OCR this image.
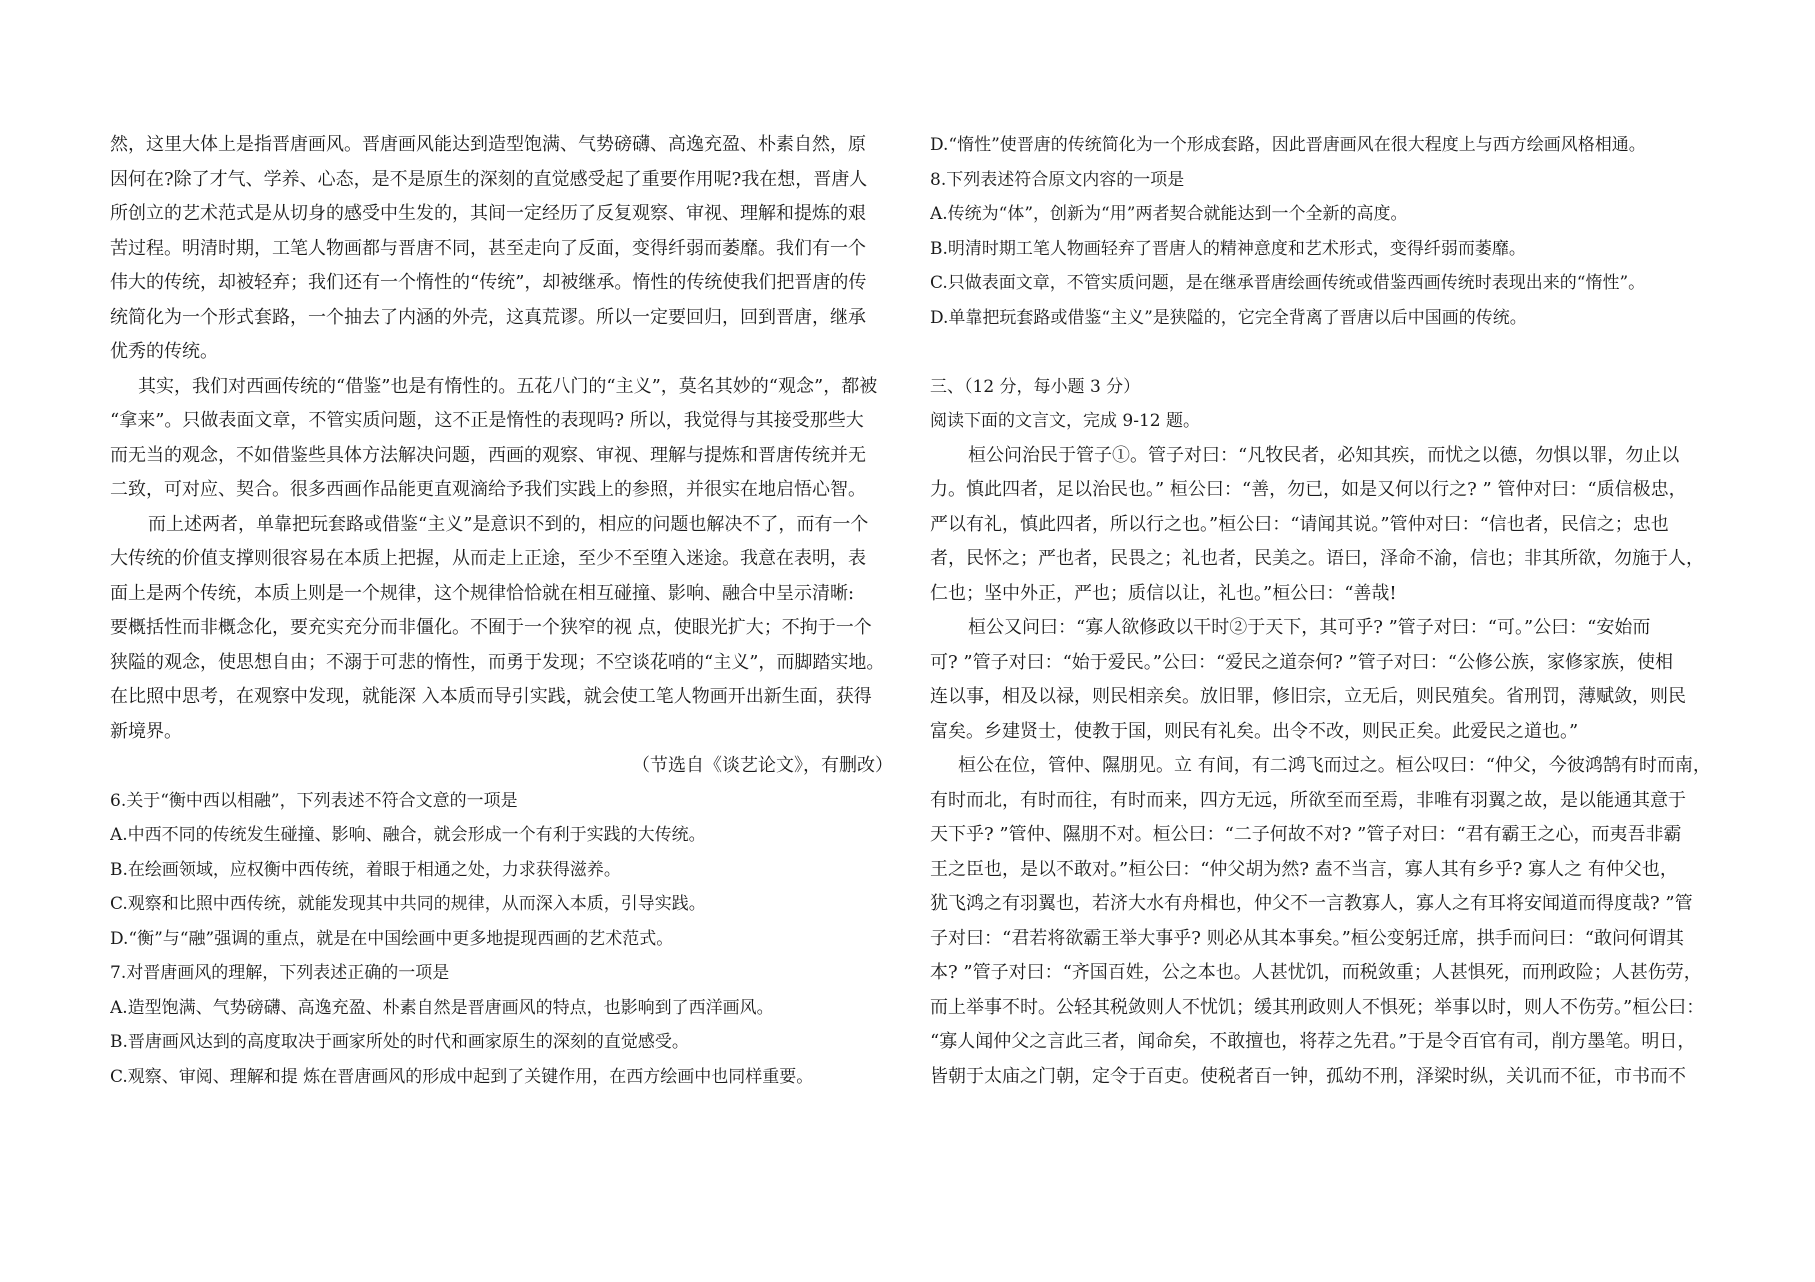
然，这里大体上是指晋唐画风。晋唐画风能达到造型饱满、气势磅礴、高逸充盈、朴素自然，原
因何在?除了才气、学养、心态，是不是原生的深刻的直觉感受起了重要作用呢?我在想，晋唐人
所创立的艺术范式是从切身的感受中生发的，其间一定经历了反复观察、审视、理解和提炼的艰
苦过程。明清时期，工笔人物画都与晋唐不同，甚至走向了反面，变得纤弱而萎靡。我们有一个
伟大的传统，却被轻弃；我们还有一个惰性的“传统”，却被继承。惰性的传统使我们把晋唐的传
统简化为一个形式套路，一个抽去了内涵的外壳，这真荒谬。所以一定要回归，回到晋唐，继承
优秀的传统。
其实，我们对西画传统的“借鉴”也是有惰性的。五花八门的“主义”，莫名其妙的“观念”，都被
“拿来”。只做表面文章，不管实质问题，这不正是惰性的表现吗? 所以，我觉得与其接受那些大
而无当的观念，不如借鉴些具体方法解决问题，西画的观察、审视、理解与提炼和晋唐传统并无
二致，可对应、契合。很多西画作品能更直观滴给予我们实践上的参照，并很实在地启悟心智。
而上述两者，单靠把玩套路或借鉴“主义”是意识不到的，相应的问题也解决不了，而有一个
大传统的价值支撑则很容易在本质上把握，从而走上正途，至少不至堕入迷途。我意在表明，表
面上是两个传统，本质上则是一个规律，这个规律恰恰就在相互碰撞、影响、融合中呈示清晰:
要概括性而非概念化，要充实充分而非僵化。不囿于一个狭窄的视 点，使眼光扩大；不拘于一个
狭隘的观念，使思想自由；不溺于可悲的惰性，而勇于发现；不空谈花哨的“主义”，而脚踏实地。
在比照中思考，在观察中发现，就能深 入本质而导引实践，就会使工笔人物画开出新生面，获得
新境界。
（节选自《谈艺论文》，有删改）
6.关于“衡中西以相融”，下列表述不符合文意的一项是
A.中西不同的传统发生碰撞、影响、融合，就会形成一个有利于实践的大传统。
B.在绘画领域，应权衡中西传统，着眼于相通之处，力求获得滋养。
C.观察和比照中西传统，就能发现其中共同的规律，从而深入本质，引导实践。
D.“衡”与“融”强调的重点，就是在中国绘画中更多地提现西画的艺术范式。
7.对晋唐画风的理解，下列表述正确的一项是
A.造型饱满、气势磅礴、高逸充盈、朴素自然是晋唐画风的特点，也影响到了西洋画风。
B.晋唐画风达到的高度取决于画家所处的时代和画家原生的深刻的直觉感受。
C.观察、审阅、理解和提 炼在晋唐画风的形成中起到了关键作用，在西方绘画中也同样重要。
D.“惰性”使晋唐的传统简化为一个形成套路，因此晋唐画风在很大程度上与西方绘画风格相通。
8.下列表述符合原文内容的一项是
A.传统为“体”，创新为“用”两者契合就能达到一个全新的高度。
B.明清时期工笔人物画轻弃了晋唐人的精神意度和艺术形式，变得纤弱而萎靡。
C.只做表面文章，不管实质问题，是在继承晋唐绘画传统或借鉴西画传统时表现出来的“惰性”。
D.单靠把玩套路或借鉴“主义”是狭隘的，它完全背离了晋唐以后中国画的传统。
三、（12 分，每小题 3 分）
阅读下面的文言文，完成 9-12 题。
桓公问治民于管子①。管子对曰：“凡牧民者，必知其疾，而忧之以德，勿惧以罪，勿止以
力。慎此四者，足以治民也。” 桓公曰：“善，勿已，如是又何以行之? ” 管仲对曰：“质信极忠，
严以有礼，慎此四者，所以行之也。”桓公曰：“请闻其说。”管仲对曰：“信也者，民信之；忠也
者，民怀之；严也者，民畏之；礼也者，民美之。语曰，泽命不渝，信也；非其所欲，勿施于人，
仁也；坚中外正，严也；质信以让，礼也。”桓公曰：“善哉!
桓公又问曰：“寡人欲修政以干时②于天下，其可乎? ”管子对曰：“可。”公曰：“安始而
可? ”管子对曰：“始于爱民。”公曰：“爱民之道奈何? ”管子对曰：“公修公族，家修家族，使相
连以事，相及以禄，则民相亲矣。放旧罪，修旧宗，立无后，则民殖矣。省刑罚，薄赋敛，则民
富矣。乡建贤士，使教于国，则民有礼矣。出令不改，则民正矣。此爱民之道也。”
桓公在位，管仲、隰朋见。立 有间，有二鸿飞而过之。桓公叹曰：“仲父，今彼鸿鹄有时而南，
有时而北，有时而往，有时而来，四方无远，所欲至而至焉，非唯有羽翼之故，是以能通其意于
天下乎? ”管仲、隰朋不对。桓公曰：“二子何故不对? ”管子对曰：“君有霸王之心，而夷吾非霸
王之臣也，是以不敢对。”桓公曰：“仲父胡为然? 盍不当言，寡人其有乡乎? 寡人之 有仲父也，
犹飞鸿之有羽翼也，若济大水有舟楫也，仲父不一言教寡人，寡人之有耳将安闻道而得度哉? ”管
子对曰：“君若将欲霸王举大事乎? 则必从其本事矣。”桓公变躬迁席，拱手而问曰：“敢问何谓其
本? ”管子对曰：“齐国百姓，公之本也。人甚忧饥，而税敛重；人甚惧死，而刑政险；人甚伤劳，
而上举事不时。公轻其税敛则人不忧饥；缓其刑政则人不惧死；举事以时，则人不伤劳。”桓公曰：
“寡人闻仲父之言此三者，闻命矣，不敢擅也，将荐之先君。”于是令百官有司，削方墨笔。明日，
皆朝于太庙之门朝，定令于百吏。使税者百一钟，孤幼不刑，泽梁时纵，关讥而不征，市书而不
